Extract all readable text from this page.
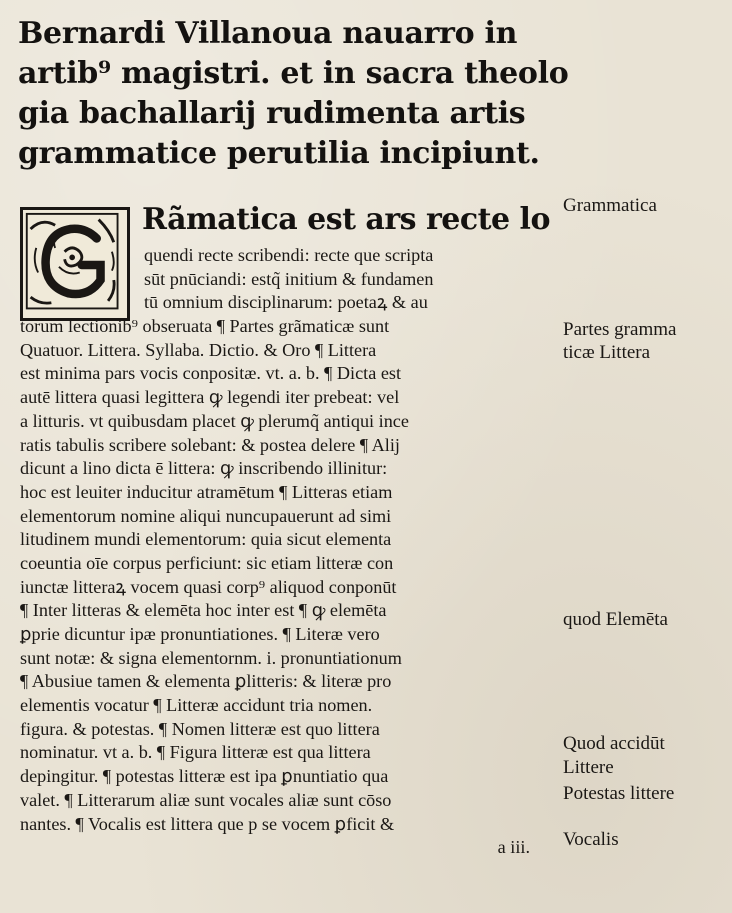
Bernardi Villanoua nauarro in
artib⁹ magistri. et in sacra theolo
gia bachallarij rudimenta artis
grammatice perutilia incipiunt.
Rãmatica est ars recte lo
quendi recte scribendi: recte que scripta
sūt pnūciandi: estq̃ initium & fundamen
tū omnium disciplinarum: poetaꝝ & au
torum lectionib⁹ obseruata ¶ Partes grãmaticæ sunt
Quatuor. Littera. Syllaba. Dictio. & Oro ¶ Littera
est minima pars vocis conpositæ. vt. a. b. ¶ Dicta est
autē littera quasi legittera ꝙ legendi iter prebeat: vel
a litturis. vt quibusdam placet ꝙ plerumq̃ antiqui ince
ratis tabulis scribere solebant: & postea delere ¶ Alij
dicunt a lino dicta ē littera: ꝙ inscribendo illinitur:
hoc est leuiter inducitur atramētum ¶ Litteras etiam
elementorum nomine aliqui nuncupauerunt ad simi
litudinem mundi elementorum: quia sicut elementa
coeuntia oīe corpus perficiunt: sic etiam litteræ con
iunctæ litteraꝝ vocem quasi corp⁹ aliquod conponūt
¶ Inter litteras & elemēta hoc inter est ¶ ꝙ elemēta
ꝑprie dicuntur ipæ pronuntiationes. ¶ Literæ vero
sunt notæ: & signa elementornm. i. pronuntiationum
¶ Abusiue tamen & elementa ꝑlitteris: & literæ pro
elementis vocatur ¶ Litteræ accidunt tria nomen.
figura. & potestas. ¶ Nomen litteræ est quo littera
nominatur. vt a. b. ¶ Figura litteræ est qua littera
depingitur. ¶ potestas litteræ est ipa ꝑnuntiatio qua
valet. ¶ Litterarum aliæ sunt vocales aliæ sunt cōso
nantes. ¶ Vocalis est littera que p se vocem ꝑficit &
a iii.
Grammatica
Partes gramma
ticæ Littera
quod Elemēta
Quod accidūt
Littere
Potestas littere
Vocalis
